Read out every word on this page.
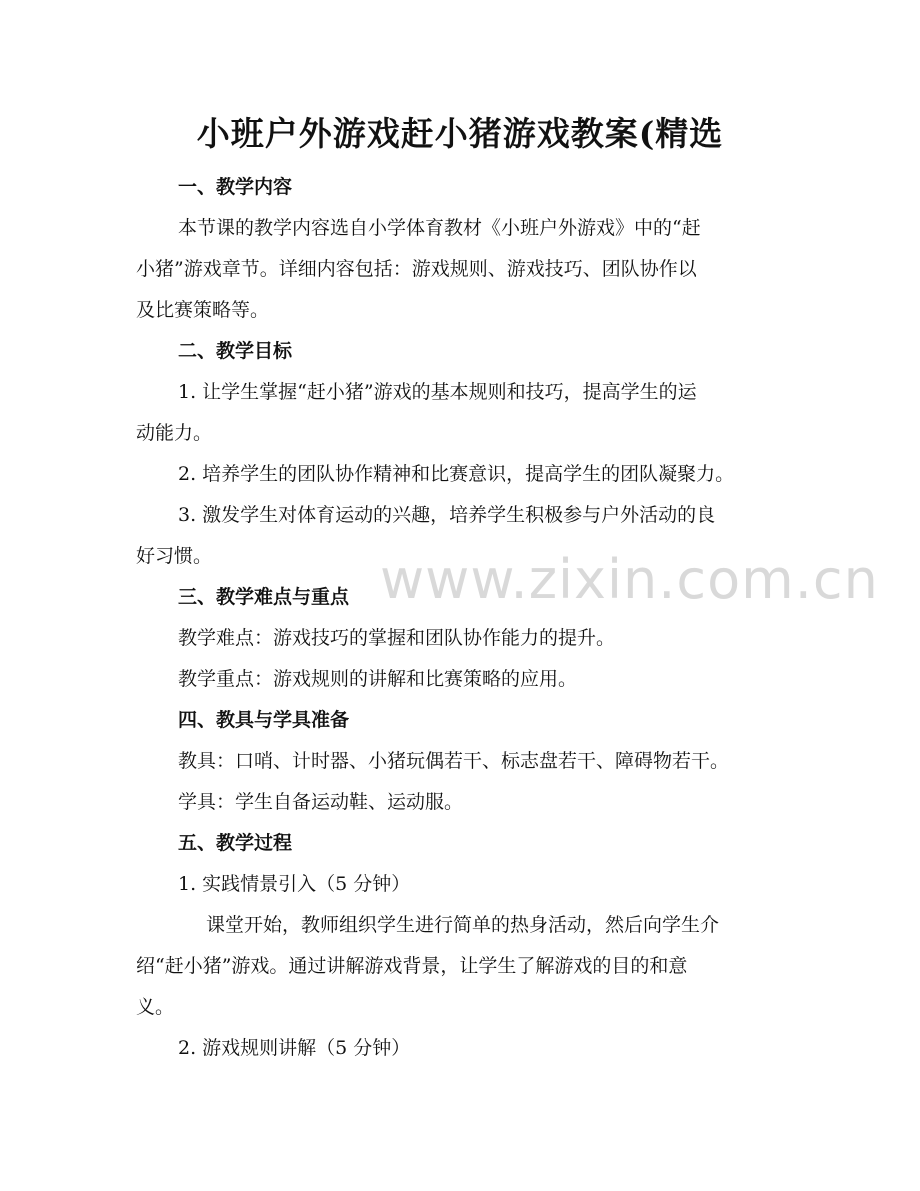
小班户外游戏赶小猪游戏教案(精选
www.zixin.com.cn
一、教学内容
本节课的教学内容选自小学体育教材《小班户外游戏》中的“赶
小猪”游戏章节。详细内容包括：游戏规则、游戏技巧、团队协作以
及比赛策略等。
二、教学目标
1. 让学生掌握“赶小猪”游戏的基本规则和技巧，提高学生的运
动能力。
2. 培养学生的团队协作精神和比赛意识，提高学生的团队凝聚力。
3. 激发学生对体育运动的兴趣，培养学生积极参与户外活动的良
好习惯。
三、教学难点与重点
教学难点：游戏技巧的掌握和团队协作能力的提升。
教学重点：游戏规则的讲解和比赛策略的应用。
四、教具与学具准备
教具：口哨、计时器、小猪玩偶若干、标志盘若干、障碍物若干。
学具：学生自备运动鞋、运动服。
五、教学过程
1. 实践情景引入（5 分钟）
课堂开始，教师组织学生进行简单的热身活动，然后向学生介
绍“赶小猪”游戏。通过讲解游戏背景，让学生了解游戏的目的和意
义。
2. 游戏规则讲解（5 分钟）
